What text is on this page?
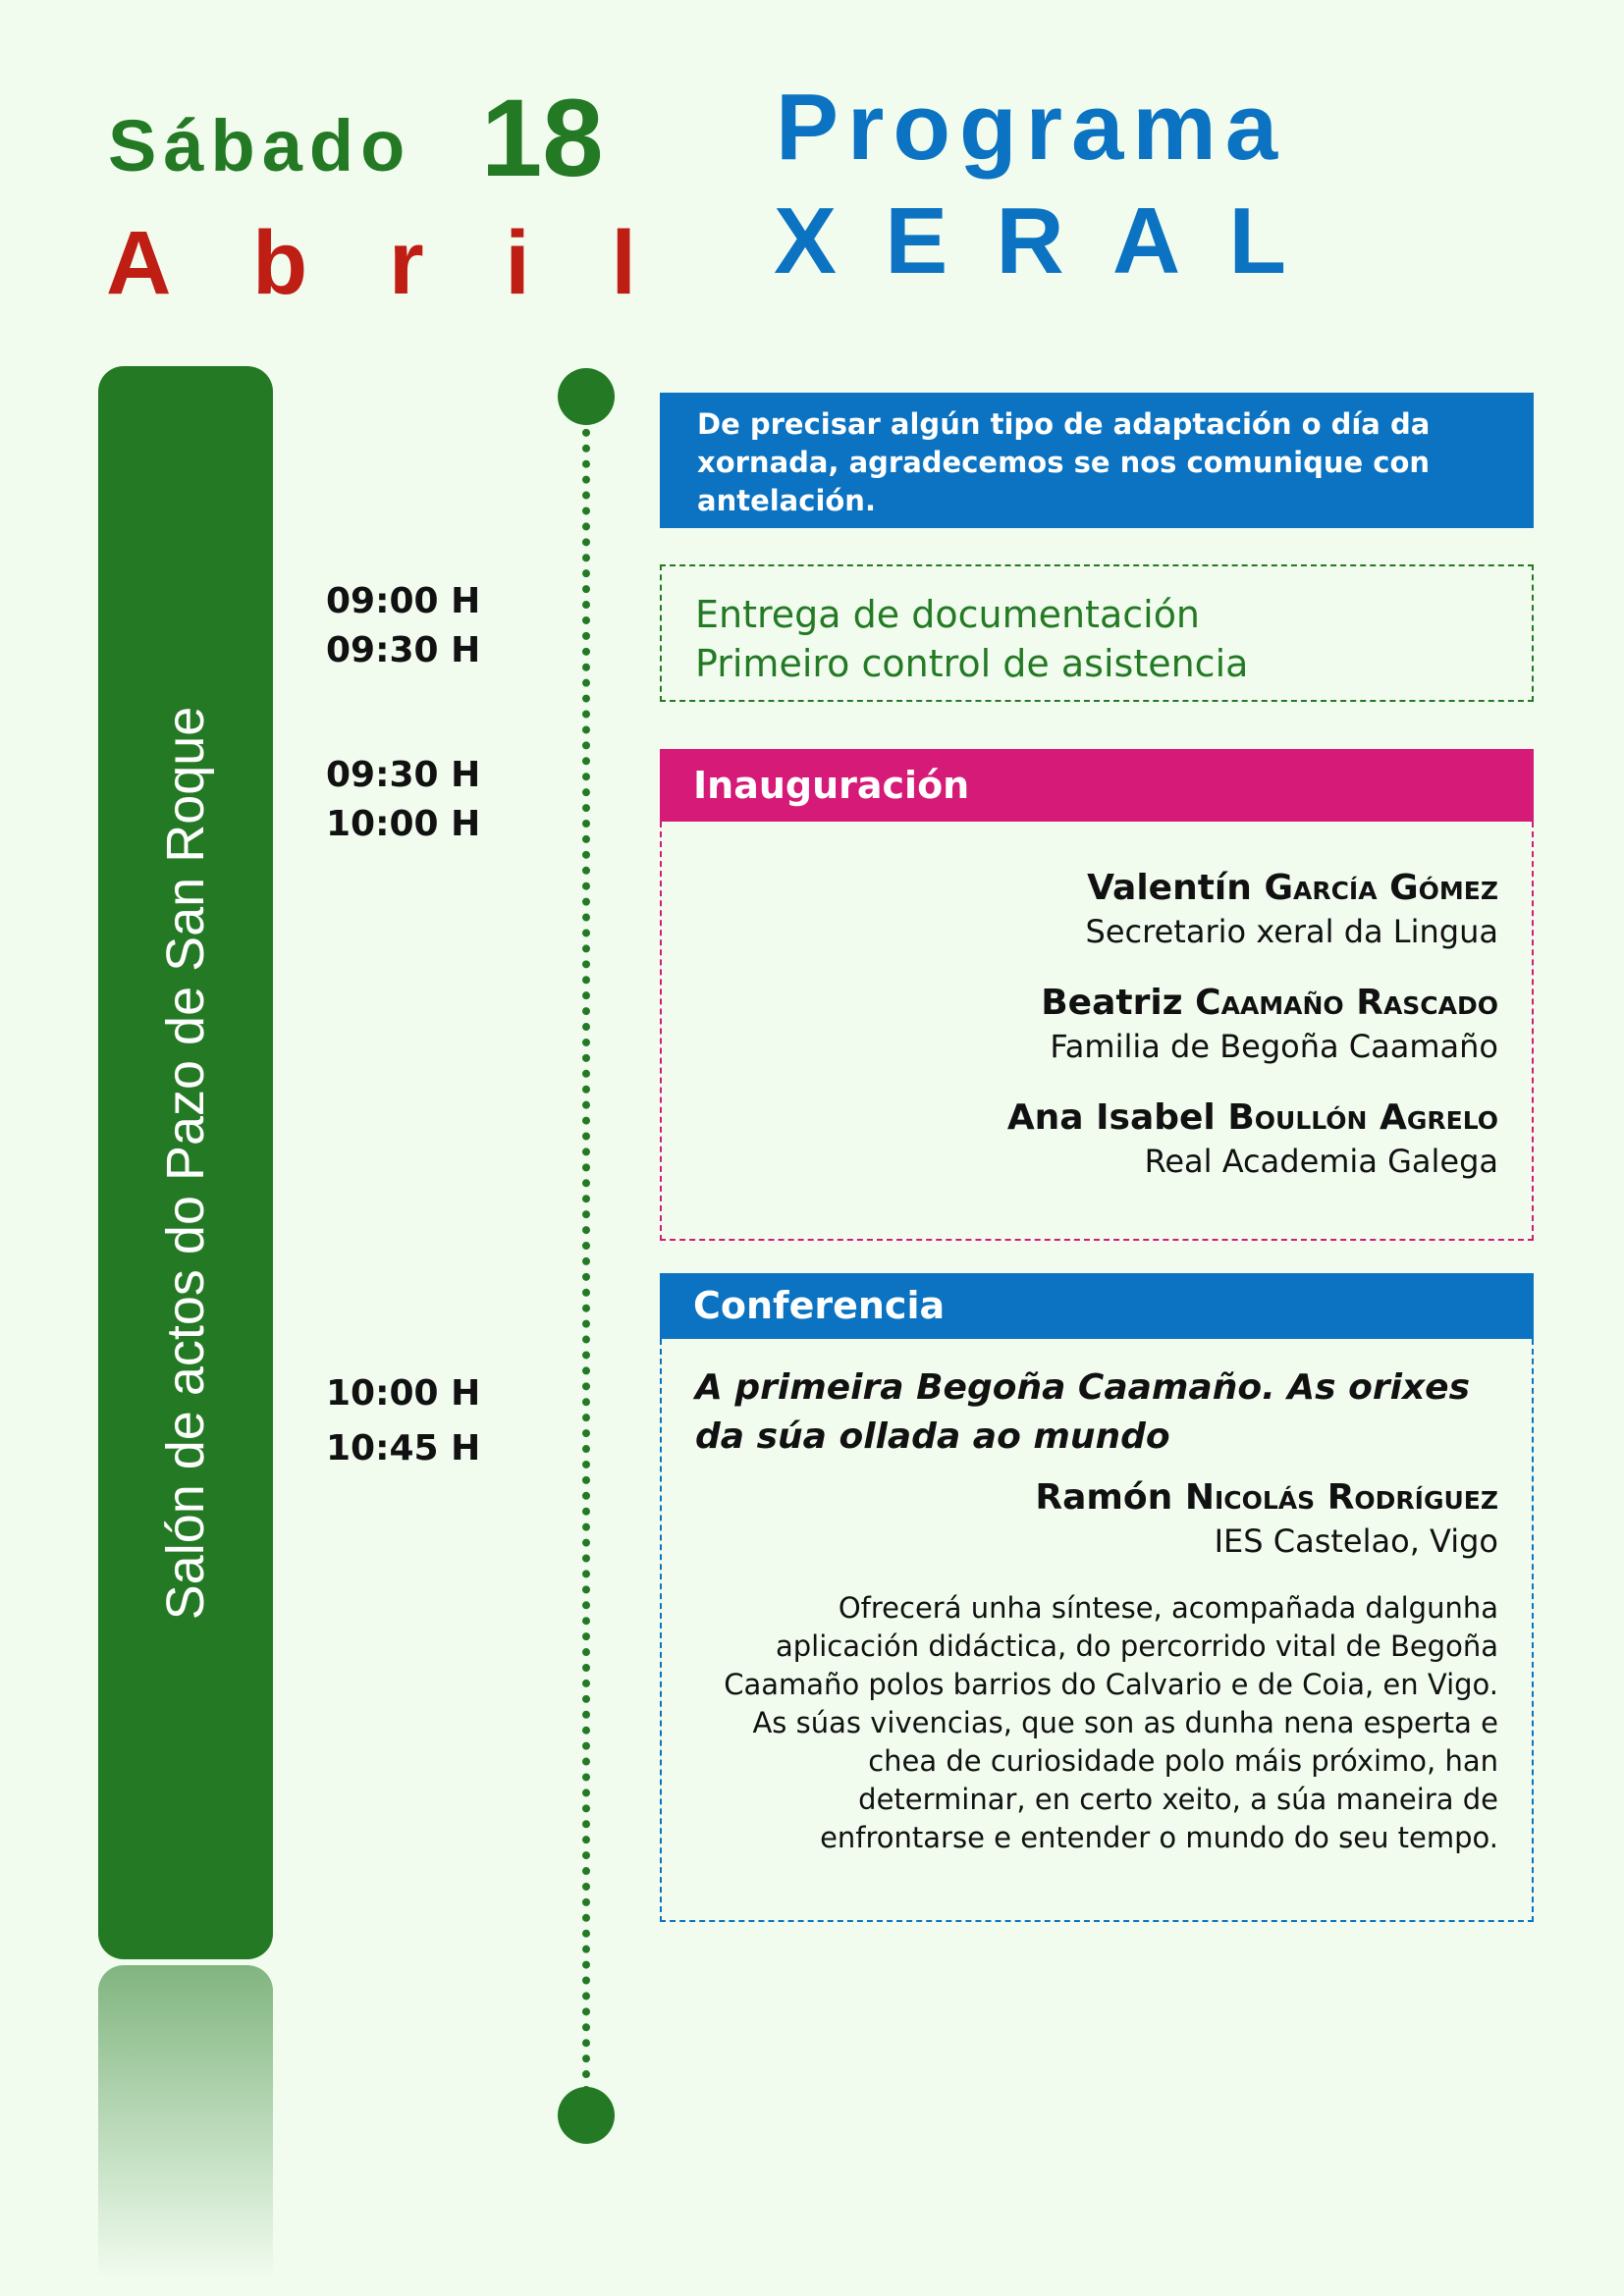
Sábado 18
A b r i l
Programa
X E R A L
Salón de actos do Pazo de San Roque
09:00 H
09:30 H
09:30 H
10:00 H
10:00 H
10:45 H
De precisar algún tipo de adaptación o día da xornada, agradecemos se nos comunique con antelación.
Entrega de documentación
Primeiro control de asistencia
Inauguración
Valentín García Gómez
Secretario xeral da Lingua
Beatriz Caamaño Rascado
Familia de Begoña Caamaño
Ana Isabel Boullón Agrelo
Real Academia Galega
Conferencia
A primeira Begoña Caamaño. As orixes da súa ollada ao mundo
Ramón Nicolás Rodríguez
IES Castelao, Vigo
Ofrecerá unha síntese, acompañada dalgunha aplicación didáctica, do percorrido vital de Begoña Caamaño polos barrios do Calvario e de Coia, en Vigo. As súas vivencias, que son as dunha nena esperta e chea de curiosidade polo máis próximo, han determinar, en certo xeito, a súa maneira de enfrontarse e entender o mundo do seu tempo.
